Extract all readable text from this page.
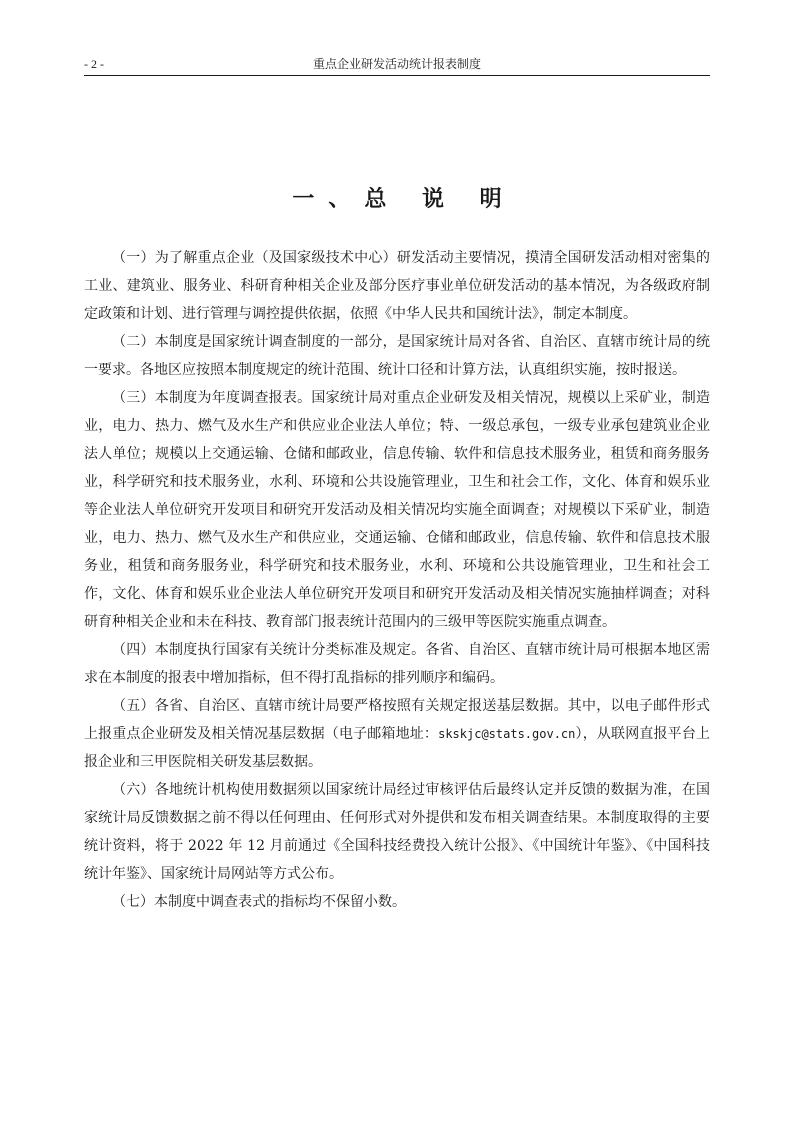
- 2 -	重点企业研发活动统计报表制度
一、总 说 明

（一）为了解重点企业（及国家级技术中心）研发活动主要情况，摸清全国研发活动相对密集的工业、建筑业、服务业、科研育种相关企业及部分医疗事业单位研发活动的基本情况，为各级政府制定政策和计划、进行管理与调控提供依据，依照《中华人民共和国统计法》，制定本制度。

（二）本制度是国家统计调查制度的一部分，是国家统计局对各省、自治区、直辖市统计局的统一要求。各地区应按照本制度规定的统计范围、统计口径和计算方法，认真组织实施，按时报送。

（三）本制度为年度调查报表。国家统计局对重点企业研发及相关情况，规模以上采矿业，制造业，电力、热力、燃气及水生产和供应业企业法人单位；特、一级总承包，一级专业承包建筑业企业法人单位；规模以上交通运输、仓储和邮政业，信息传输、软件和信息技术服务业，租赁和商务服务业，科学研究和技术服务业，水利、环境和公共设施管理业，卫生和社会工作，文化、体育和娱乐业等企业法人单位研究开发项目和研究开发活动及相关情况均实施全面调查；对规模以下采矿业，制造业，电力、热力、燃气及水生产和供应业，交通运输、仓储和邮政业，信息传输、软件和信息技术服务业，租赁和商务服务业，科学研究和技术服务业，水利、环境和公共设施管理业，卫生和社会工作，文化、体育和娱乐业企业法人单位研究开发项目和研究开发活动及相关情况实施抽样调查；对科研育种相关企业和未在科技、教育部门报表统计范围内的三级甲等医院实施重点调查。

（四）本制度执行国家有关统计分类标准及规定。各省、自治区、直辖市统计局可根据本地区需求在本制度的报表中增加指标，但不得打乱指标的排列顺序和编码。

（五）各省、自治区、直辖市统计局要严格按照有关规定报送基层数据。其中，以电子邮件形式上报重点企业研发及相关情况基层数据（电子邮箱地址：skskjc@stats.gov.cn），从联网直报平台上报企业和三甲医院相关研发基层数据。

（六）各地统计机构使用数据须以国家统计局经过审核评估后最终认定并反馈的数据为准，在国家统计局反馈数据之前不得以任何理由、任何形式对外提供和发布相关调查结果。本制度取得的主要统计资料，将于 2022 年 12 月前通过《全国科技经费投入统计公报》、《中国统计年鉴》、《中国科技统计年鉴》、国家统计局网站等方式公布。

（七）本制度中调查表式的指标均不保留小数。
